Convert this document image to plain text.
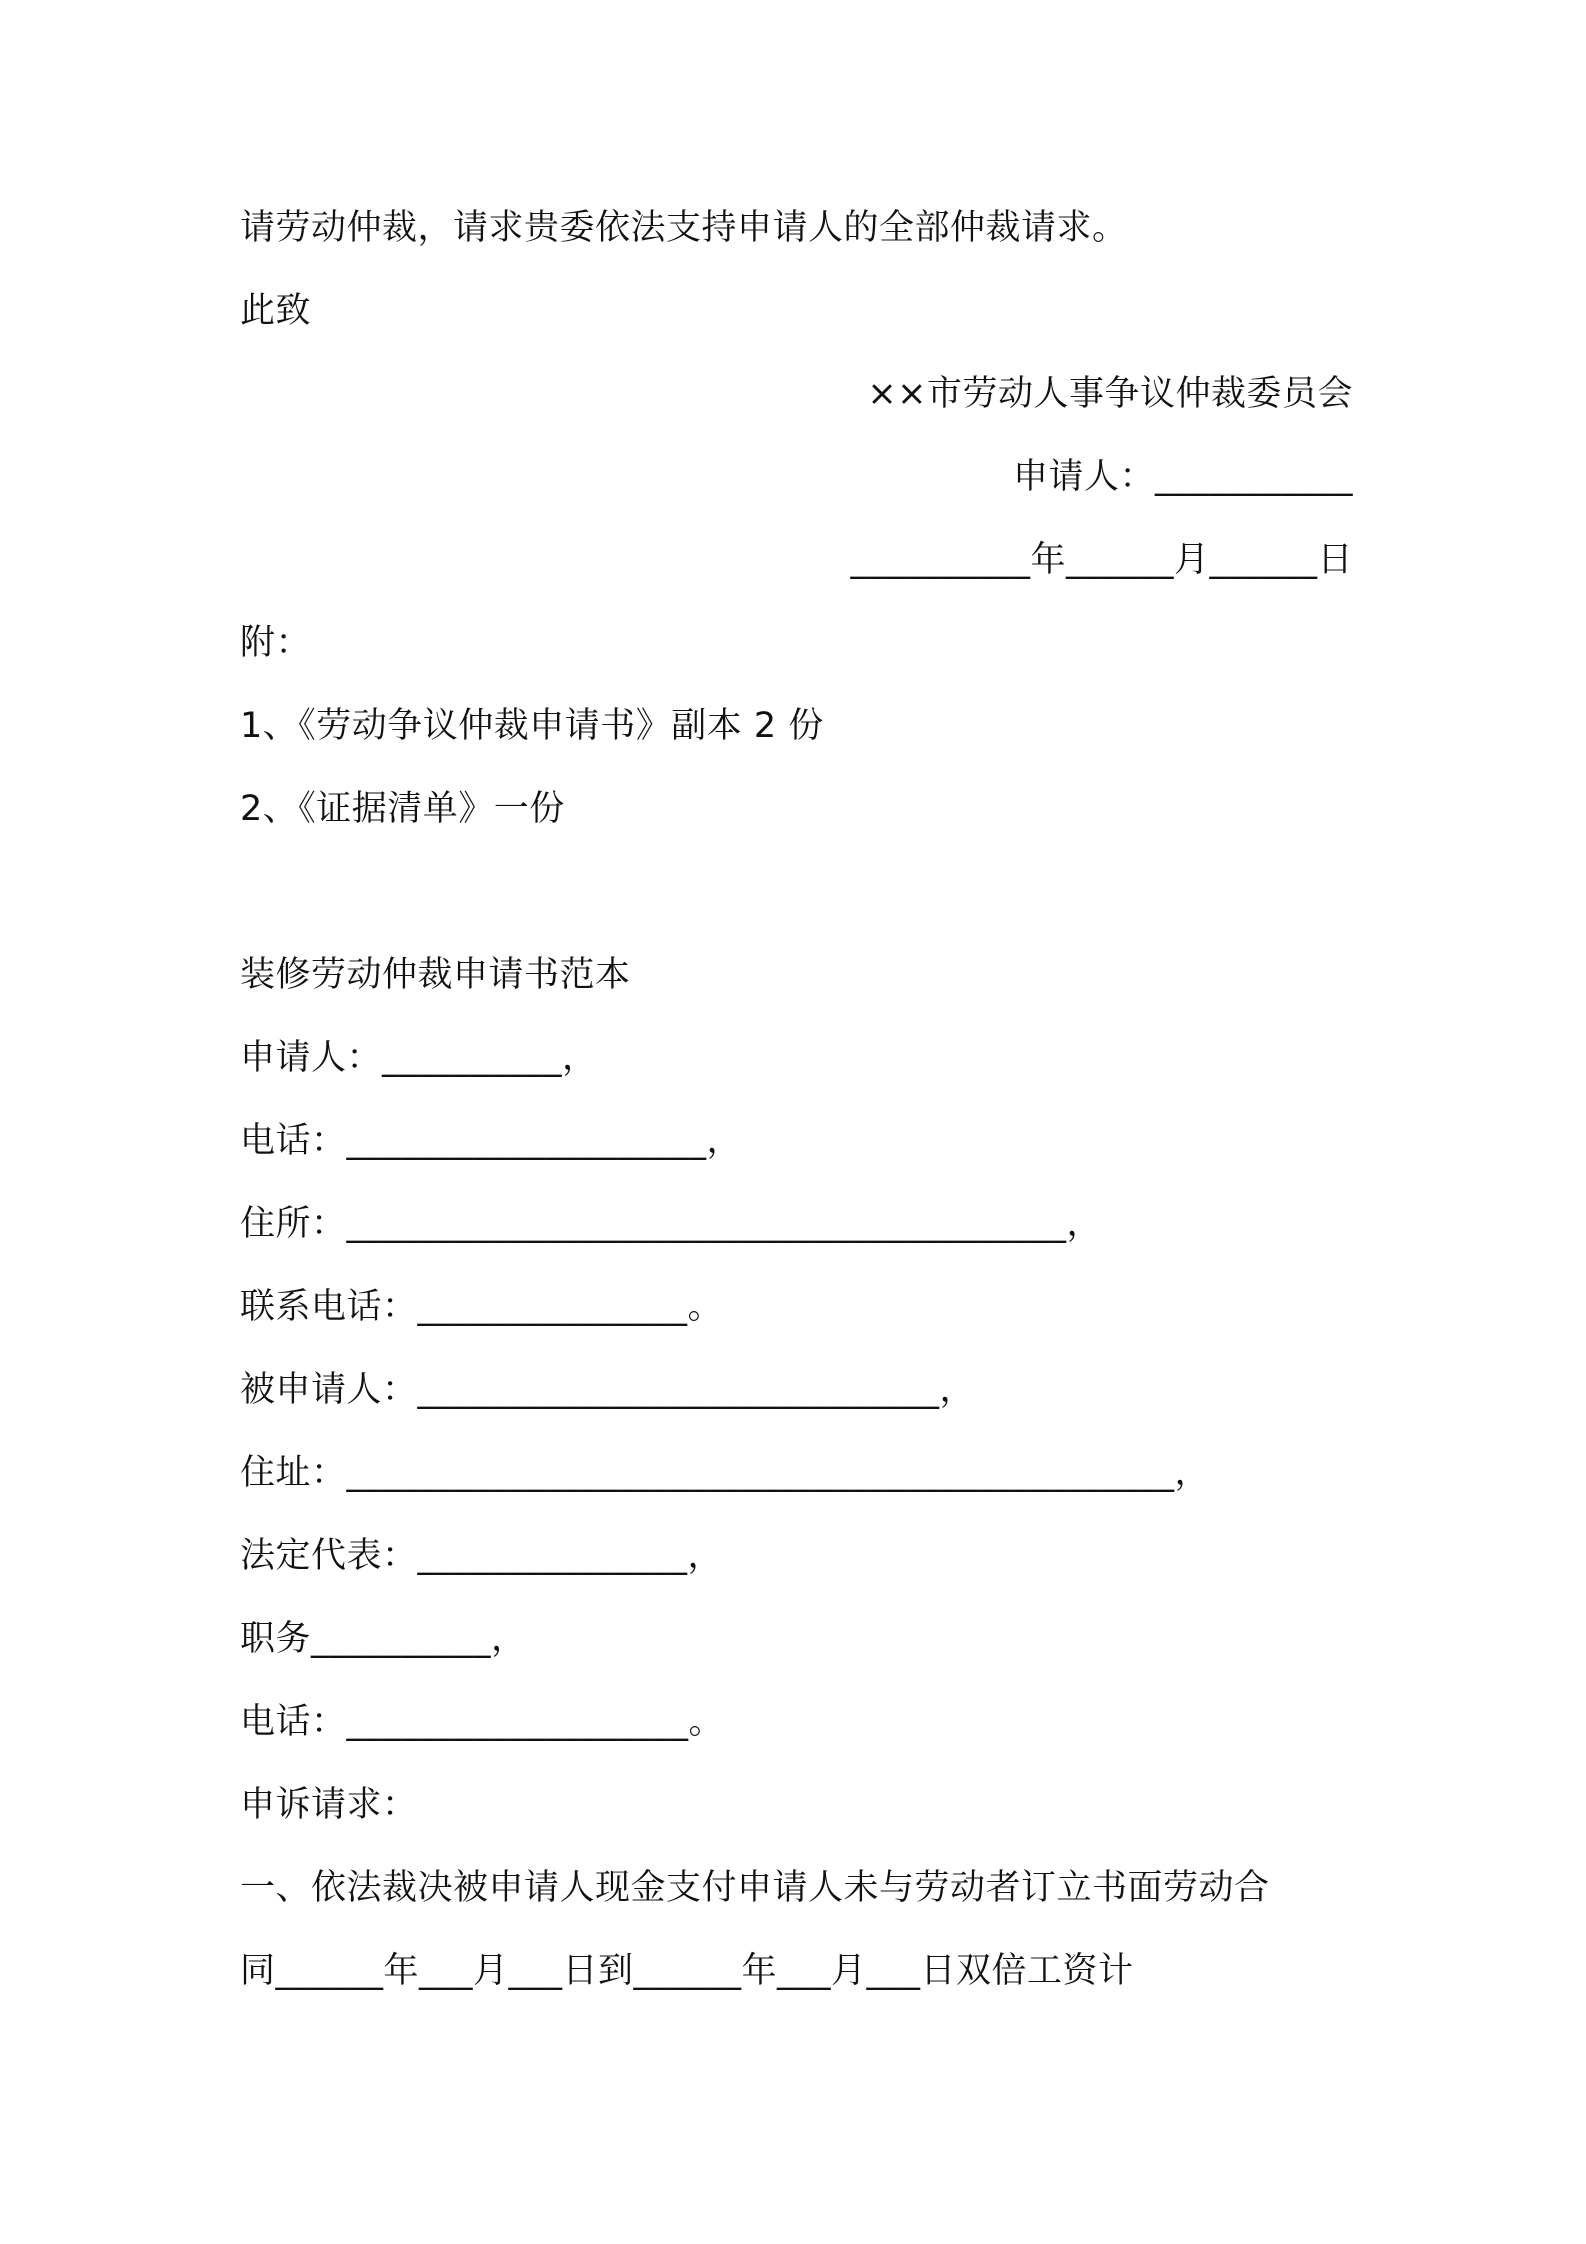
请劳动仲裁，请求贵委依法支持申请人的全部仲裁请求。
此致
××市劳动人事争议仲裁委员会
申请人：___________
__________年______月______日
附：
1、《劳动争议仲裁申请书》副本 2 份
2、《证据清单》一份
装修劳动仲裁申请书范本
申请人：__________，
电话：____________________，
住所：________________________________________，
联系电话：_______________。
被申请人：_____________________________，
住址：______________________________________________，
法定代表：_______________，
职务__________，
电话：___________________。
申诉请求：
一、依法裁决被申请人现金支付申请人未与劳动者订立书面劳动合
同______年___月___日到______年___月___日双倍工资计
